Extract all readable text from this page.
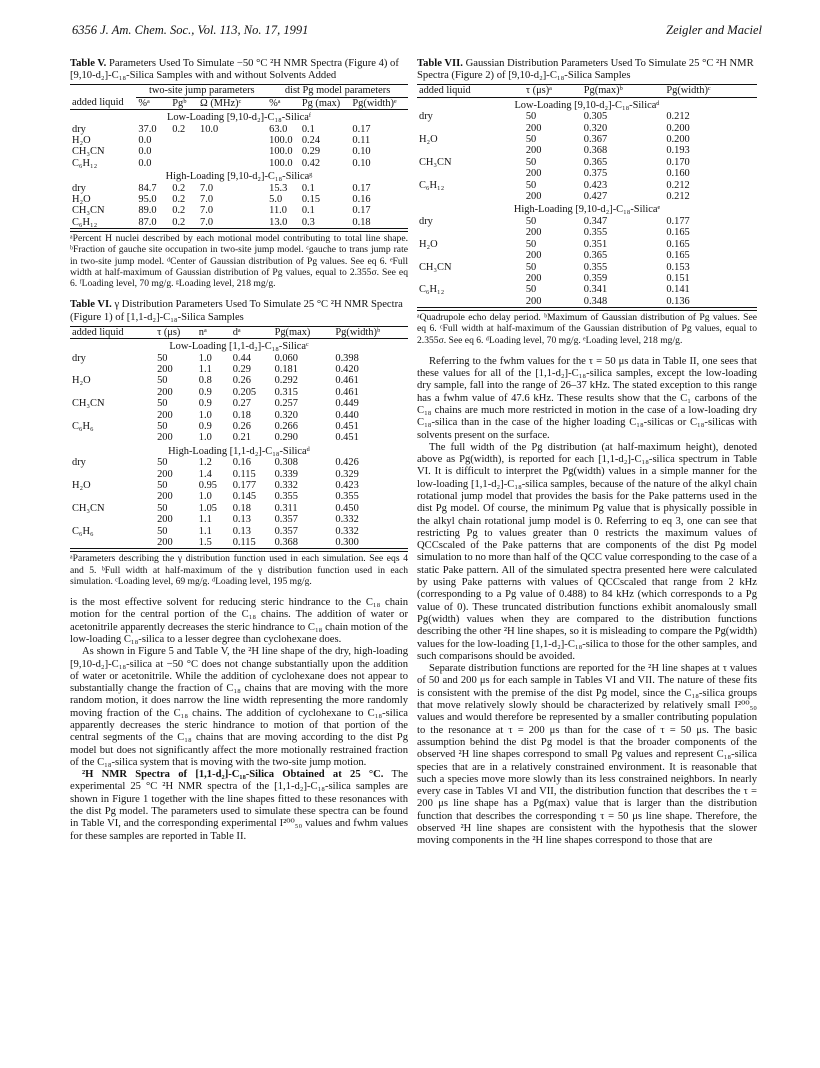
6356 J. Am. Chem. Soc., Vol. 113, No. 17, 1991	Zeigler and Maciel
Table V. Parameters Used To Simulate −50 °C ²H NMR Spectra (Figure 4) of [9,10-d₂]-C₁₈-Silica Samples with and without Solvents Added
	two-site jump parameters			dist Pg model parameters		
added liquid	%ᵃ	Pgᵇ	Ω (MHz)ᶜ	%ᵃ	Pg (max)	Pg(width)ᵉ
Low-Loading [9,10-d₂]-C₁₈-Silicaᶠ						
dry	37.0	0.2	10.0	63.0	0.1	0.17
H₂O	0.0			100.0	0.24	0.11
CH₃CN	0.0			100.0	0.29	0.10
C₆H₁₂	0.0			100.0	0.42	0.10
High-Loading [9,10-d₂]-C₁₈-Silicaᵍ						
dry	84.7	0.2	7.0	15.3	0.1	0.17
H₂O	95.0	0.2	7.0	5.0	0.15	0.16
CH₃CN	89.0	0.2	7.0	11.0	0.1	0.17
C₆H₁₂	87.0	0.2	7.0	13.0	0.3	0.18
ᵃPercent H nuclei described by each motional model contributing to total line shape. ᵇFraction of gauche site occupation in two-site jump model. ᶜgauche to trans jump rate in two-site jump model. ᵈCenter of Gaussian distribution of Pg values. See eq 6. ᵉFull width at half-maximum of Gaussian distribution of Pg values, equal to 2.355σ. See eq 6. ᶠLoading level, 70 mg/g. ᵍLoading level, 218 mg/g.
Table VI. γ Distribution Parameters Used To Simulate 25 °C ²H NMR Spectra (Figure 1) of [1,1-d₂]-C₁₈-Silica Samples
added liquid	τ (μs)	nᵃ	dᵃ	Pg(max)	Pg(width)ᵇ
Low-Loading [1,1-d₂]-C₁₈-Silicaᶜ					
dry	50	1.0	0.44	0.060	0.398
	200	1.1	0.29	0.181	0.420
H₂O	50	0.8	0.26	0.292	0.461
	200	0.9	0.205	0.315	0.461
CH₃CN	50	0.9	0.27	0.257	0.449
	200	1.0	0.18	0.320	0.440
C₆H₆	50	0.9	0.26	0.266	0.451
	200	1.0	0.21	0.290	0.451
High-Loading [1,1-d₂]-C₁₈-Silicaᵈ					
dry	50	1.2	0.16	0.308	0.426
	200	1.4	0.115	0.339	0.329
H₂O	50	0.95	0.177	0.332	0.423
	200	1.0	0.145	0.355	0.355
CH₃CN	50	1.05	0.18	0.311	0.450
	200	1.1	0.13	0.357	0.332
C₆H₆	50	1.1	0.13	0.357	0.332
	200	1.5	0.115	0.368	0.300
ᵃParameters describing the γ distribution function used in each simulation. See eqs 4 and 5. ᵇFull width at half-maximum of the γ distribution function used in each simulation. ᶜLoading level, 69 mg/g. ᵈLoading level, 195 mg/g.

is the most effective solvent for reducing steric hindrance to the C₁₈ chain motion for the central portion of the C₁₈ chains. The addition of water or acetonitrile apparently decreases the steric hindrance to C₁₈ chain motion of the low-loading C₁₈-silica to a lesser degree than cyclohexane does.

As shown in Figure 5 and Table V, the ²H line shape of the dry, high-loading [9,10-d₂]-C₁₈-silica at −50 °C does not change substantially upon the addition of water or acetonitrile. While the addition of cyclohexane does not appear to substantially change the fraction of C₁₈ chains that are moving with the more random motion, it does narrow the line width representing the more randomly moving fraction of the C₁₈ chains. The addition of cyclohexane to C₁₈-silica apparently decreases the steric hindrance to motion of that portion of the central segments of the C₁₈ chains that are moving according to the dist Pg model but does not significantly affect the more motionally restrained fraction of the C₁₈-silica system that is moving with the two-site jump motion.

²H NMR Spectra of [1,1-d₂]-C₁₈-Silica Obtained at 25 °C. The experimental 25 °C ²H NMR spectra of the [1,1-d₂]-C₁₈-silica samples are shown in Figure 1 together with the line shapes fitted to these resonances with the dist Pg model. The parameters used to simulate these spectra can be found in Table VI, and the corresponding experimental I²⁰⁰₅₀ values and fwhm values for these samples are reported in Table II.

Table VII. Gaussian Distribution Parameters Used To Simulate 25 °C ²H NMR Spectra (Figure 2) of [9,10-d₂]-C₁₈-Silica Samples
added liquid	τ (μs)ᵃ	Pg(max)ᵇ	Pg(width)ᶜ
Low-Loading [9,10-d₂]-C₁₈-Silicaᵈ			
dry	50	0.305	0.212
	200	0.320	0.200
H₂O	50	0.367	0.200
	200	0.368	0.193
CH₃CN	50	0.365	0.170
	200	0.375	0.160
C₆H₁₂	50	0.423	0.212
	200	0.427	0.212
High-Loading [9,10-d₂]-C₁₈-Silicaᵉ			
dry	50	0.347	0.177
	200	0.355	0.165
H₂O	50	0.351	0.165
	200	0.365	0.165
CH₃CN	50	0.355	0.153
	200	0.359	0.151
C₆H₁₂	50	0.341	0.141
	200	0.348	0.136
ᵃQuadrupole echo delay period. ᵇMaximum of Gaussian distribution of Pg values. See eq 6. ᶜFull width at half-maximum of the Gaussian distribution of Pg values, equal to 2.355σ. See eq 6. ᵈLoading level, 70 mg/g. ᵉLoading level, 218 mg/g.

Referring to the fwhm values for the τ = 50 μs data in Table II, one sees that these values for all of the [1,1-d₂]-C₁₈-silica samples, except the low-loading dry sample, fall into the range of 26–37 kHz. The stated exception to this range has a fwhm value of 47.6 kHz. These results show that the C₁ carbons of the C₁₈ chains are much more restricted in motion in the case of a low-loading dry C₁₈-silica than in the case of the higher loading C₁₈-silicas or C₁₈-silicas with solvents present on the surface.

The full width of the Pg distribution (at half-maximum height), denoted above as Pg(width), is reported for each [1,1-d₂]-C₁₈-silica spectrum in Table VI. It is difficult to interpret the Pg(width) values in a simple manner for the low-loading [1,1-d₂]-C₁₈-silica samples, because of the nature of the alkyl chain rotational jump model that provides the basis for the Pake patterns used in the dist Pg model. Of course, the minimum Pg value that is physically possible in the alkyl chain rotational jump model is 0. Referring to eq 3, one can see that restricting Pg to values greater than 0 restricts the maximum values of QCCscaled of the Pake patterns that are components of the dist Pg model simulation to no more than half of the QCC value corresponding to the case of a static Pake pattern. All of the simulated spectra presented here were calculated by using Pake patterns with values of QCCscaled that range from 2 kHz (corresponding to a Pg value of 0.488) to 84 kHz (which corresponds to a Pg value of 0). These truncated distribution functions exhibit anomalously small Pg(width) values when they are compared to the distribution functions describing the other ²H line shapes, so it is misleading to compare the Pg(width) values for the low-loading [1,1-d₂]-C₁₈-silica to those for the other samples, and such comparisons should be avoided.

Separate distribution functions are reported for the ²H line shapes at τ values of 50 and 200 μs for each sample in Tables VI and VII. The nature of these fits is consistent with the premise of the dist Pg model, since the C₁₈-silica groups that move relatively slowly should be characterized by relatively small I²⁰⁰₅₀ values and would therefore be represented by a smaller contributing population to the resonance at τ = 200 μs than for the case of τ = 50 μs. The basic assumption behind the dist Pg model is that the broader components of the observed ²H line shapes correspond to small Pg values and represent C₁₈-silica species that are in a relatively constrained environment. It is reasonable that such a species move more slowly than its less constrained neighbors. In nearly every case in Tables VI and VII, the distribution function that describes the τ = 200 μs line shape has a Pg(max) value that is larger than the distribution function that describes the corresponding τ = 50 μs line shape. Therefore, the observed ²H line shapes are consistent with the hypothesis that the slower moving components in the ²H line shapes correspond to those that are
